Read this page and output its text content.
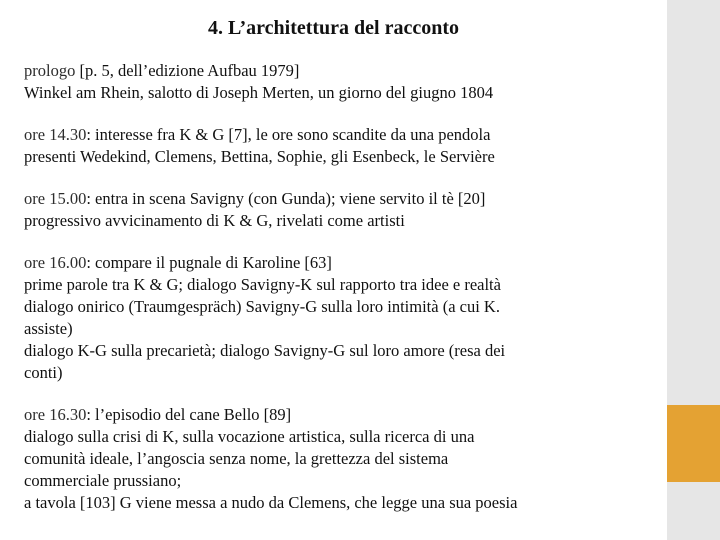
4. L’architettura del racconto
prologo [p. 5, dell’edizione Aufbau 1979]
Winkel am Rhein, salotto di Joseph Merten, un giorno del giugno 1804
ore 14.30: interesse fra K & G [7], le ore sono scandite da una pendola
presenti Wedekind, Clemens, Bettina, Sophie, gli Esenbeck, le Servière
ore 15.00: entra in scena Savigny (con Gunda); viene servito il tè [20]
progressivo avvicinamento di K & G, rivelati come artisti
ore 16.00: compare il pugnale di Karoline [63]
prime parole tra K & G; dialogo Savigny-K sul rapporto tra idee e realtà
dialogo onirico (Traumgespräch) Savigny-G sulla loro intimità (a cui K.
assiste)
dialogo K-G sulla precarietà; dialogo Savigny-G sul loro amore (resa dei
conti)
ore 16.30: l’episodio del cane Bello [89]
dialogo sulla crisi di K, sulla vocazione artistica, sulla ricerca di una
comunità ideale, l’angoscia senza nome, la grettezza del sistema
commerciale prussiano;
a tavola [103] G viene messa a nudo da Clemens, che legge una sua poesia
